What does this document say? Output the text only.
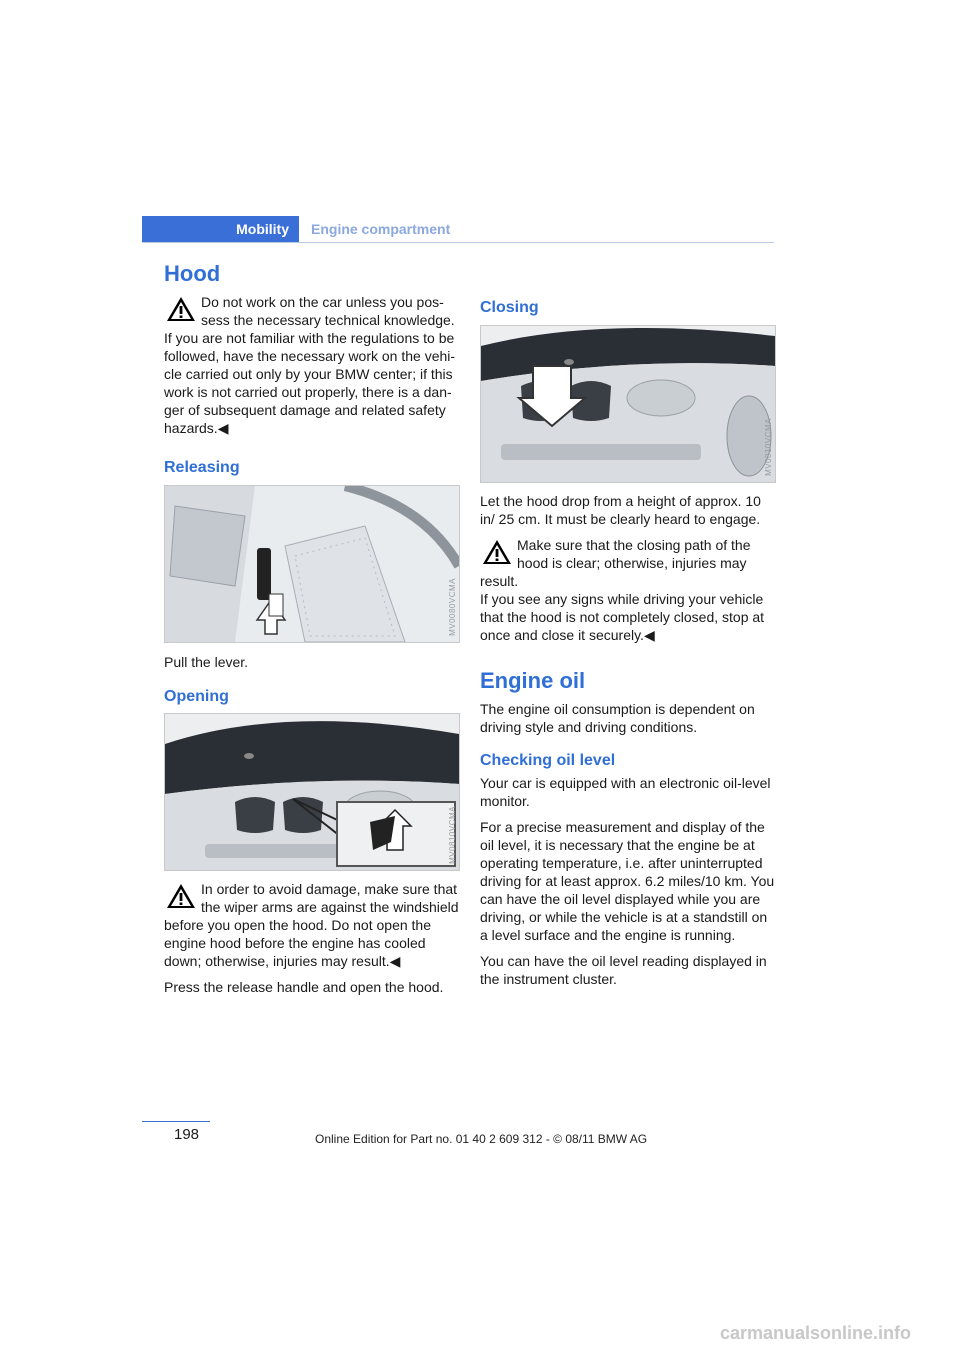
Mobility	Engine compartment
Hood
Do not work on the car unless you pos-
sess the necessary technical knowledge.
If you are not familiar with the regulations to be followed, have the necessary work on the vehi-cle carried out only by your BMW center; if this work is not carried out properly, there is a dan-ger of subsequent damage and related safety hazards.◀
Releasing
MV0080VCMA

Pull the lever.

Opening
MV0810VCMA
In order to avoid damage, make sure that
the wiper arms are against the windshield
before you open the hood. Do not open the engine hood before the engine has cooled down; otherwise, injuries may result.◀

Press the release handle and open the hood.

Closing
MV0810VCMA

Let the hood drop from a height of approx. 10 in/ 25 cm. It must be clearly heard to engage.

Make sure that the closing path of the
hood is clear; otherwise, injuries may
result.
If you see any signs while driving your vehicle that the hood is not completely closed, stop at once and close it securely.◀
Engine oil

The engine oil consumption is dependent on driving style and driving conditions.

Checking oil level

Your car is equipped with an electronic oil-level monitor.

For a precise measurement and display of the oil level, it is necessary that the engine be at operating temperature, i.e. after uninterrupted driving for at least approx. 6.2 miles/10 km. You can have the oil level displayed while you are driving, or while the vehicle is at a standstill on a level surface and the engine is running.

You can have the oil level reading displayed in the instrument cluster.

198	Online Edition for Part no. 01 40 2 609 312 - © 08/11 BMW AG
carmanualsonline.info
